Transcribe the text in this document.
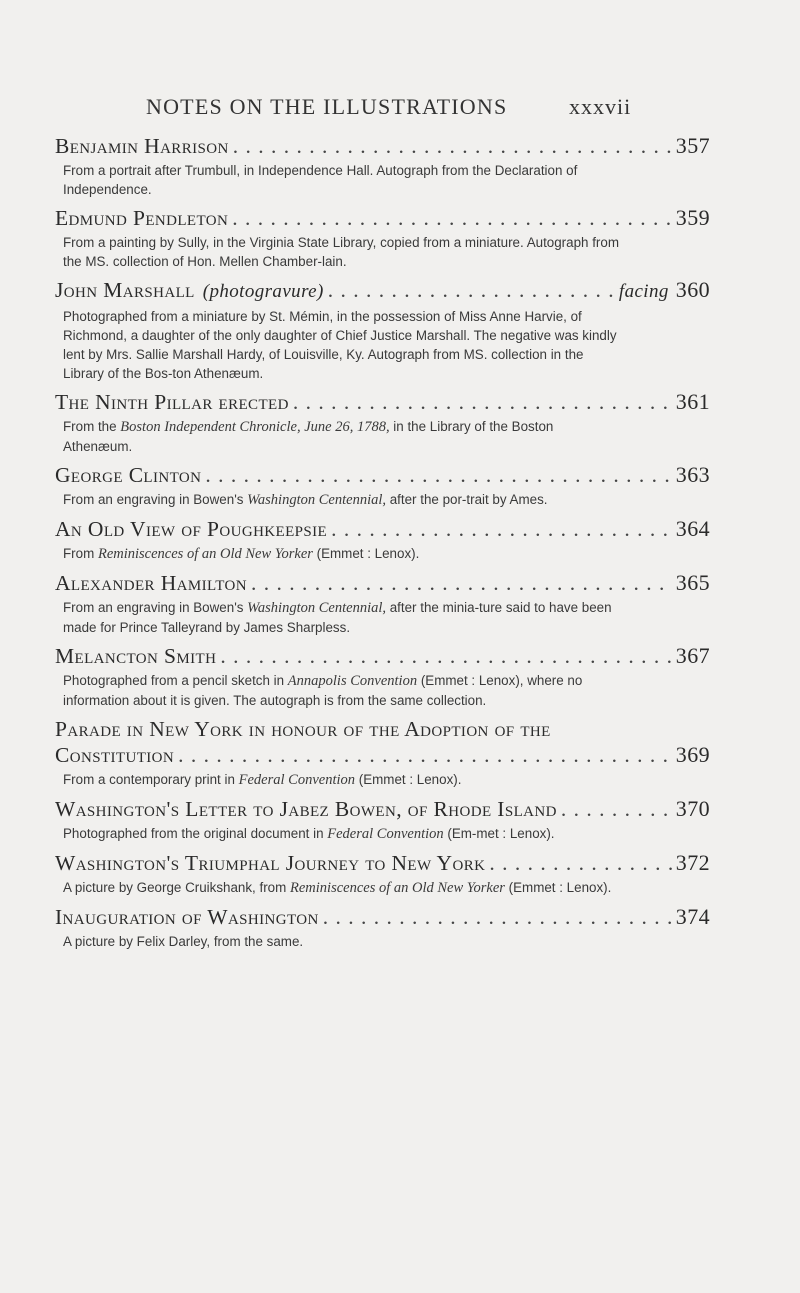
NOTES ON THE ILLUSTRATIONS	xxxvii
Benjamin Harrison . . .	357
From a portrait after Trumbull, in Independence Hall. Autograph from the Declaration of Independence.
Edmund Pendleton . . .	359
From a painting by Sully, in the Virginia State Library, copied from a miniature. Autograph from the MS. collection of Hon. Mellen Chamber-lain.
John Marshall (photogravure) . . .	facing 360
Photographed from a miniature by St. Mémin, in the possession of Miss Anne Harvie, of Richmond, a daughter of the only daughter of Chief Justice Marshall. The negative was kindly lent by Mrs. Sallie Marshall Hardy, of Louisville, Ky. Autograph from MS. collection in the Library of the Bos-ton Athenæum.
The Ninth Pillar erected . . .	361
From the Boston Independent Chronicle, June 26, 1788, in the Library of the Boston Athenæum.
George Clinton . . .	363
From an engraving in Bowen's Washington Centennial, after the por-trait by Ames.
An Old View of Poughkeepsie . . .	364
From Reminiscences of an Old New Yorker (Emmet : Lenox).
Alexander Hamilton . . .	365
From an engraving in Bowen's Washington Centennial, after the minia-ture said to have been made for Prince Talleyrand by James Sharpless.
Melancton Smith . . .	367
Photographed from a pencil sketch in Annapolis Convention (Emmet : Lenox), where no information about it is given. The autograph is from the same collection.
Parade in New York in honour of the Adoption of the
Constitution . . .	369
From a contemporary print in Federal Convention (Emmet : Lenox).
Washington's Letter to Jabez Bowen, of Rhode Island . . .	370
Photographed from the original document in Federal Convention (Em-met : Lenox).
Washington's Triumphal Journey to New York . . .	372
A picture by George Cruikshank, from Reminiscences of an Old New Yorker (Emmet : Lenox).
Inauguration of Washington . . .	374
A picture by Felix Darley, from the same.
